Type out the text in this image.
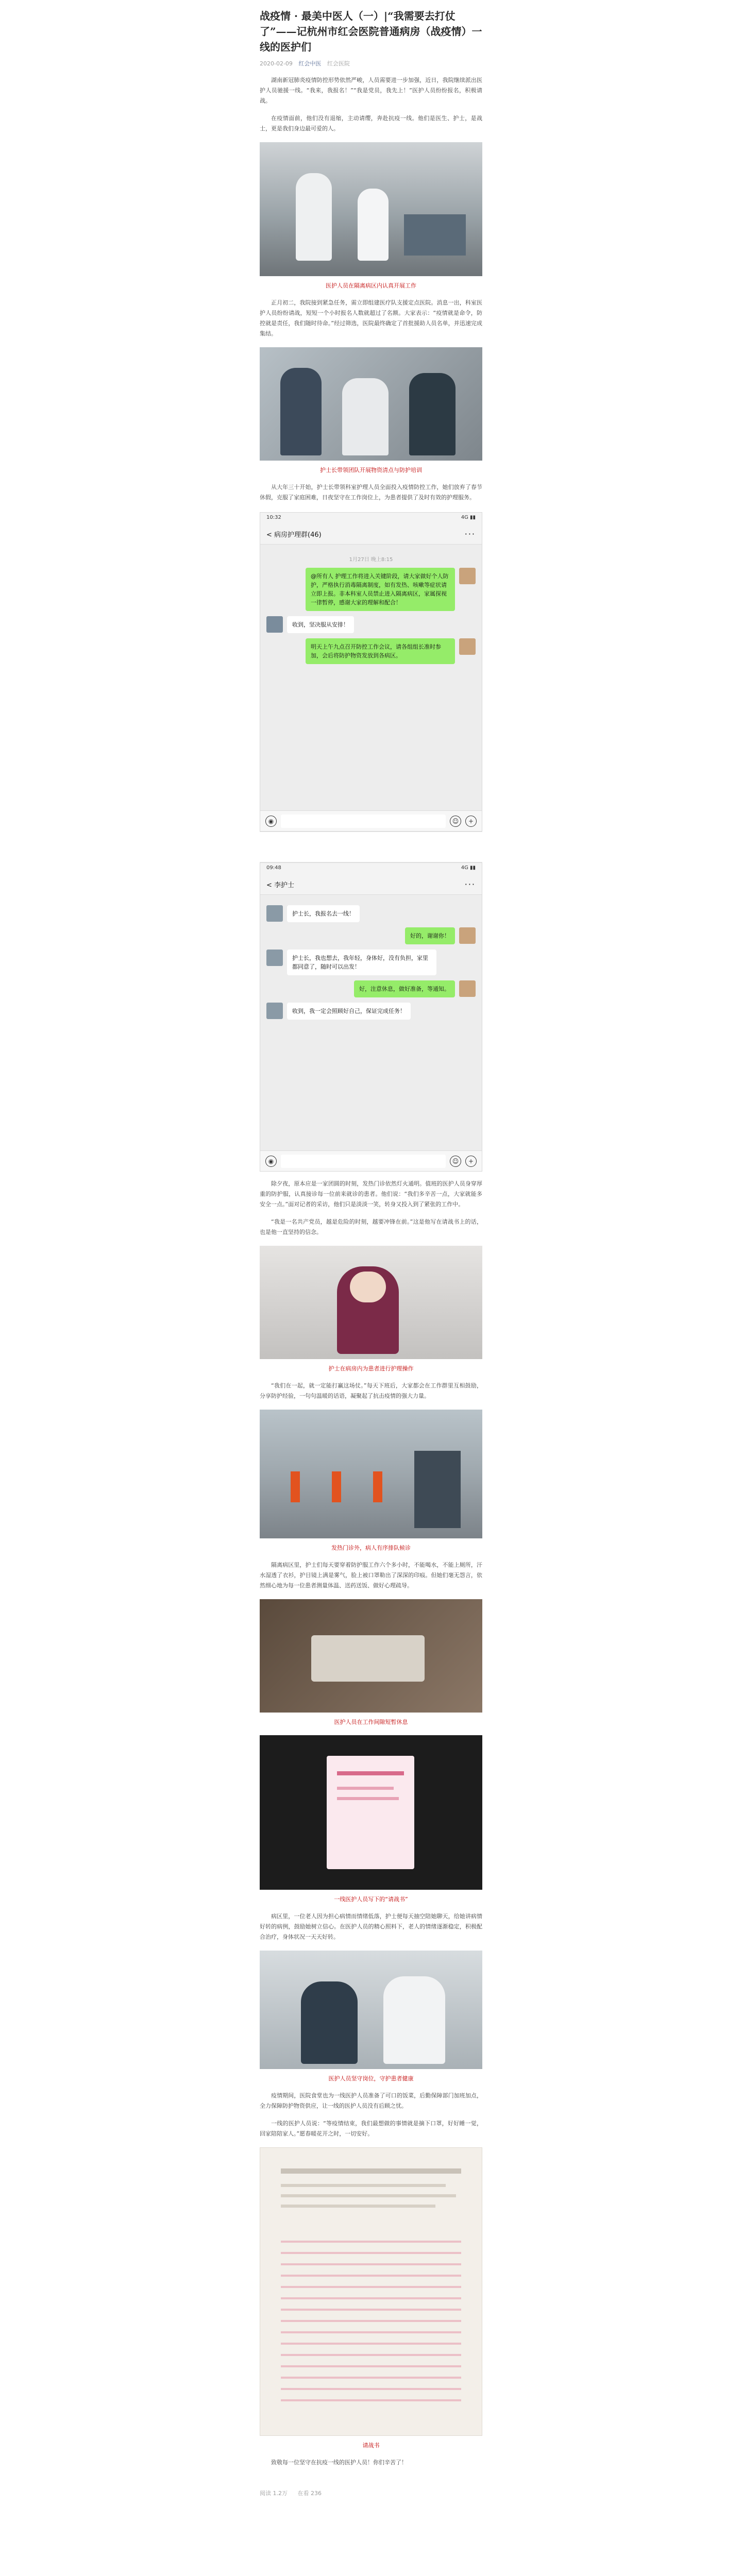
战疫情 · 最美中医人（一）|“我需要去打仗了”——记杭州市红会医院普通病房（战疫情）一线的医护们
2020-02-09 红会中医 红会医院

湖南新冠肺炎疫情防控形势依然严峻，人员需要进一步加强，近日，我院继续派出医护人员驰援一线。“我来，我报名！”“我是党员，我先上！”医护人员纷纷报名，积极请战。

在疫情面前，他们没有退缩，主动请缨，奔赴抗疫一线。他们是医生、护士，是战士，更是我们身边最可爱的人。

医护人员在隔离病区内认真开展工作

正月初二，我院接到紧急任务，需立即组建医疗队支援定点医院。消息一出，科室医护人员纷纷请战，短短一个小时报名人数就超过了名额。大家表示：“疫情就是命令，防控就是责任，我们随时待命。”经过筛选，医院最终确定了首批援助人员名单，并迅速完成集结。

护士长带领团队开展物资清点与防护培训

从大年三十开始，护士长带领科室护理人员全面投入疫情防控工作，她们放弃了春节休假，克服了家庭困难，日夜坚守在工作岗位上，为患者提供了及时有效的护理服务。

10:32	4G ▮▮
< 病房护理群(46)	···
1月27日 晚上8:15
@所有人 护理工作将进入关键阶段，请大家做好个人防护，严格执行消毒隔离制度，如有发热、咳嗽等症状请立即上报。非本科室人员禁止进入隔离病区，家属探视一律暂停，感谢大家的理解和配合！
收到，坚决服从安排！
明天上午九点召开防控工作会议，请各组组长准时参加，会后将防护物资发放到各病区。
◉	☺	+
09:48	4G ▮▮
< 李护士	···
护士长，我报名去一线！
好的，谢谢你！
护士长，我也想去，我年轻，身体好，没有负担，家里都同意了，随时可以出发！
好，注意休息，做好准备，等通知。
收到，我一定会照顾好自己，保证完成任务！
◉	☺	+

除夕夜，原本应是一家团圆的时刻，发热门诊依然灯火通明。值班的医护人员身穿厚重的防护服，认真接诊每一位前来就诊的患者。他们说：“我们多辛苦一点，大家就能多安全一点。”面对记者的采访，他们只是淡淡一笑，转身又投入到了紧张的工作中。

“我是一名共产党员，越是危险的时刻，越要冲锋在前。”这是他写在请战书上的话，也是他一直坚持的信念。

护士在病房内为患者进行护理操作

“我们在一起，就一定能打赢这场仗。”每天下班后，大家都会在工作群里互相鼓励，分享防护经验，一句句温暖的话语，凝聚起了抗击疫情的强大力量。

发热门诊外，病人有序排队候诊

隔离病区里，护士们每天要穿着防护服工作六个多小时，不能喝水，不能上厕所，汗水湿透了衣衫，护目镜上满是雾气，脸上被口罩勒出了深深的印痕。但她们毫无怨言，依然细心地为每一位患者测量体温、送药送饭、做好心理疏导。

医护人员在工作间隙短暂休息
一线医护人员写下的“请战书”

病区里，一位老人因为担心病情而情绪低落，护士便每天抽空陪她聊天，给她讲病情好转的病例，鼓励她树立信心。在医护人员的精心照料下，老人的情绪逐渐稳定，积极配合治疗，身体状况一天天好转。

医护人员坚守岗位，守护患者健康

疫情期间，医院食堂也为一线医护人员准备了可口的饭菜，后勤保障部门加班加点，全力保障防护物资供应，让一线的医护人员没有后顾之忧。

一线的医护人员说：“等疫情结束，我们最想做的事情就是摘下口罩，好好睡一觉，回家陪陪家人。”愿春暖花开之时，一切安好。

请战书

致敬每一位坚守在抗疫一线的医护人员！你们辛苦了！

阅读 1.2万 在看 236
